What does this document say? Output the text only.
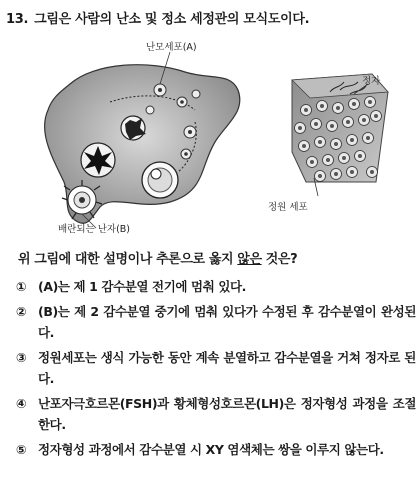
13. 그림은 사람의 난소 및 정소 세정관의 모식도이다.
난모세포(A)
배란되는 난자(B)
정자
정원 세포
위 그림에 대한 설명이나 추론으로 옳지 않은 것은?
① (A)는 제 1 감수분열 전기에 멈춰 있다.
② (B)는 제 2 감수분열 중기에 멈춰 있다가 수정된 후 감수분열이 완성된다.
③ 정원세포는 생식 가능한 동안 계속 분열하고 감수분열을 거쳐 정자로 된다.
④ 난포자극호르몬(FSH)과 황체형성호르몬(LH)은 정자형성 과정을 조절한다.
⑤ 정자형성 과정에서 감수분열 시 XY 염색체는 쌍을 이루지 않는다.
